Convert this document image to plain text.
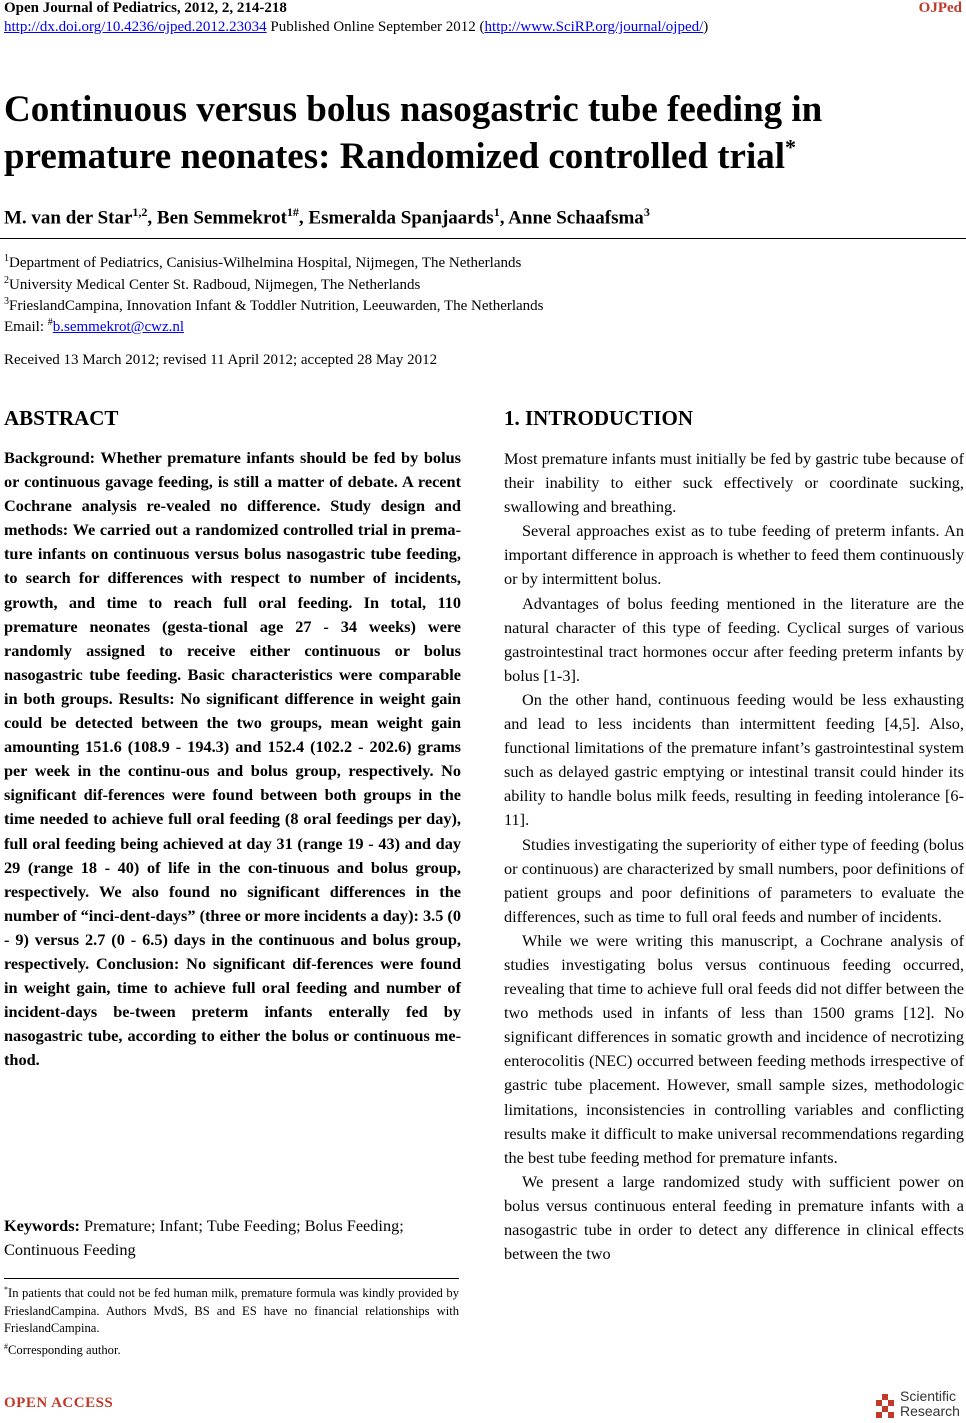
Open Journal of Pediatrics, 2012, 2, 214-218	OJPed
http://dx.doi.org/10.4236/ojped.2012.23034 Published Online September 2012 (http://www.SciRP.org/journal/ojped/)
Continuous versus bolus nasogastric tube feeding in
premature neonates: Randomized controlled trial*
M. van der Star$^{1,2}$, Ben Semmekrot$^{1\#}$, Esmeralda Spanjaards$^1$, Anne Schaafsma$^3$
$^1$Department of Pediatrics, Canisius-Wilhelmina Hospital, Nijmegen, The Netherlands
$^2$University Medical Center St. Radboud, Nijmegen, The Netherlands
$^3$FrieslandCampina, Innovation Infant & Toddler Nutrition, Leeuwarden, The Netherlands
Email: #b.semmekrot@cwz.nl
Received 13 March 2012; revised 11 April 2012; accepted 28 May 2012
ABSTRACT
Background: Whether premature infants should be fed by bolus or continuous gavage feeding, is still a matter of debate. A recent Cochrane analysis re-vealed no difference. Study design and methods: We carried out a randomized controlled trial in prema-ture infants on continuous versus bolus nasogastric tube feeding, to search for differences with respect to number of incidents, growth, and time to reach full oral feeding. In total, 110 premature neonates (gesta-tional age 27 - 34 weeks) were randomly assigned to receive either continuous or bolus nasogastric tube feeding. Basic characteristics were comparable in both groups. Results: No significant difference in weight gain could be detected between the two groups, mean weight gain amounting 151.6 (108.9 - 194.3) and 152.4 (102.2 - 202.6) grams per week in the continu-ous and bolus group, respectively. No significant dif-ferences were found between both groups in the time needed to achieve full oral feeding (8 oral feedings per day), full oral feeding being achieved at day 31 (range 19 - 43) and day 29 (range 18 - 40) of life in the con-tinuous and bolus group, respectively. We also found no significant differences in the number of “inci-dent-days” (three or more incidents a day): 3.5 (0 - 9) versus 2.7 (0 - 6.5) days in the continuous and bolus group, respectively. Conclusion: No significant dif-ferences were found in weight gain, time to achieve full oral feeding and number of incident-days be-tween preterm infants enterally fed by nasogastric tube, according to either the bolus or continuous me-thod.
Keywords: Premature; Infant; Tube Feeding; Bolus Feeding; Continuous Feeding
*In patients that could not be fed human milk, premature formula was kindly provided by FrieslandCampina. Authors MvdS, BS and ES have no financial relationships with FrieslandCampina.
#Corresponding author.
1. INTRODUCTION

Most premature infants must initially be fed by gastric tube because of their inability to either suck effectively or coordinate sucking, swallowing and breathing.

Several approaches exist as to tube feeding of preterm infants. An important difference in approach is whether to feed them continuously or by intermittent bolus.

Advantages of bolus feeding mentioned in the literature are the natural character of this type of feeding. Cyclical surges of various gastrointestinal tract hormones occur after feeding preterm infants by bolus [1-3].

On the other hand, continuous feeding would be less exhausting and lead to less incidents than intermittent feeding [4,5]. Also, functional limitations of the premature infant’s gastrointestinal system such as delayed gastric emptying or intestinal transit could hinder its ability to handle bolus milk feeds, resulting in feeding intolerance [6-11].

Studies investigating the superiority of either type of feeding (bolus or continuous) are characterized by small numbers, poor definitions of patient groups and poor definitions of parameters to evaluate the differences, such as time to full oral feeds and number of incidents.

While we were writing this manuscript, a Cochrane analysis of studies investigating bolus versus continuous feeding occurred, revealing that time to achieve full oral feeds did not differ between the two methods used in infants of less than 1500 grams [12]. No significant differences in somatic growth and incidence of necrotizing enterocolitis (NEC) occurred between feeding methods irrespective of gastric tube placement. However, small sample sizes, methodologic limitations, inconsistencies in controlling variables and conflicting results make it difficult to make universal recommendations regarding the best tube feeding method for premature infants.

We present a large randomized study with sufficient power on bolus versus continuous enteral feeding in premature infants with a nasogastric tube in order to detect any difference in clinical effects between the two

OPEN ACCESS	Scientific
Research
